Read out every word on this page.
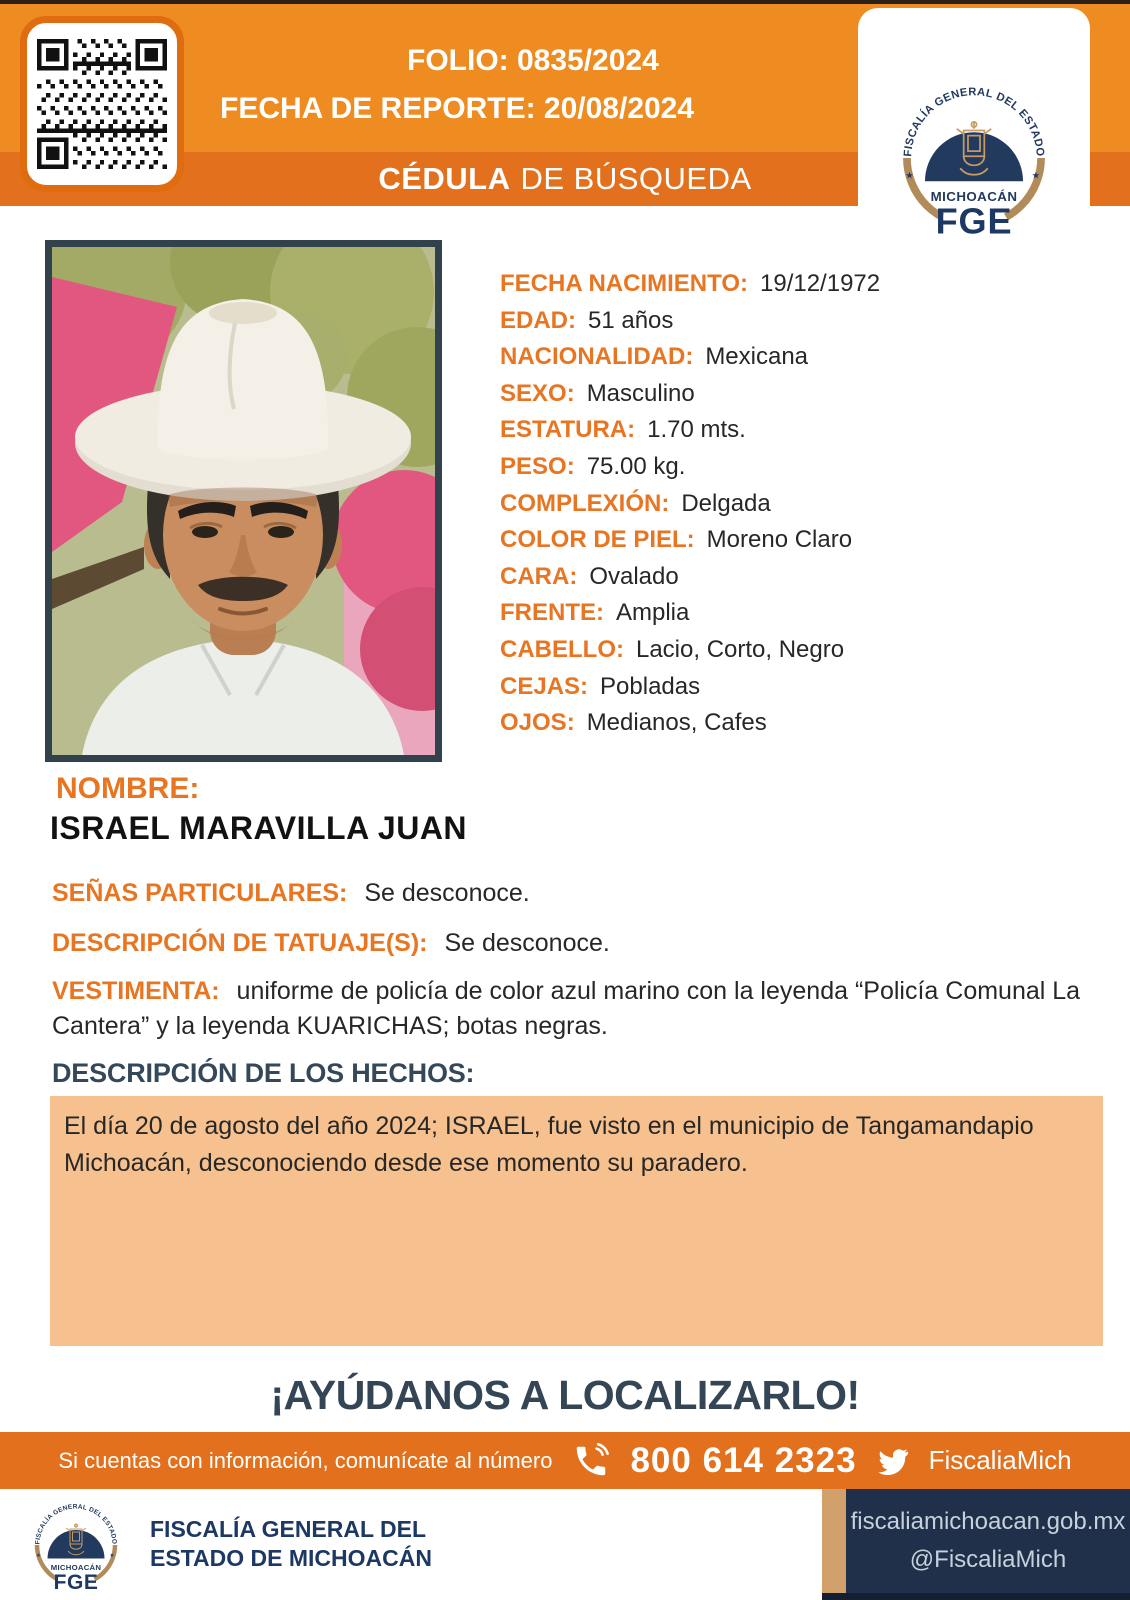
FOLIO: 0835/2024
FECHA DE REPORTE: 20/08/2024
CÉDULA DE BÚSQUEDA
FISCALÍA GENERAL DEL ESTADO
★	★
MICHOACÁN
FGE
FECHA NACIMIENTO: 19/12/1972
EDAD: 51 años
NACIONALIDAD: Mexicana
SEXO: Masculino
ESTATURA: 1.70 mts.
PESO: 75.00 kg.
COMPLEXIÓN: Delgada
COLOR DE PIEL: Moreno Claro
CARA: Ovalado
FRENTE: Amplia
CABELLO: Lacio, Corto, Negro
CEJAS: Pobladas
OJOS: Medianos, Cafes
NOMBRE:
ISRAEL MARAVILLA JUAN
SEÑAS PARTICULARES: Se desconoce.
DESCRIPCIÓN DE TATUAJE(S): Se desconoce.
VESTIMENTA: uniforme de policía de color azul marino con la leyenda “Policía Comunal La Cantera” y la leyenda KUARICHAS; botas negras.
DESCRIPCIÓN DE LOS HECHOS:
El día 20 de agosto del año 2024; ISRAEL, fue visto en el municipio de Tangamandapio Michoacán, desconociendo desde ese momento su paradero.
¡AYÚDANOS A LOCALIZARLO!
Si cuentas con información, comunícate al número 800 614 2323	FiscaliaMich
FISCALÍA GENERAL DEL ESTADO
★	★
MICHOACÁN
FGE
FISCALÍA GENERAL DEL
ESTADO DE MICHOACÁN
fiscaliamichoacan.gob.mx
@FiscaliaMich
